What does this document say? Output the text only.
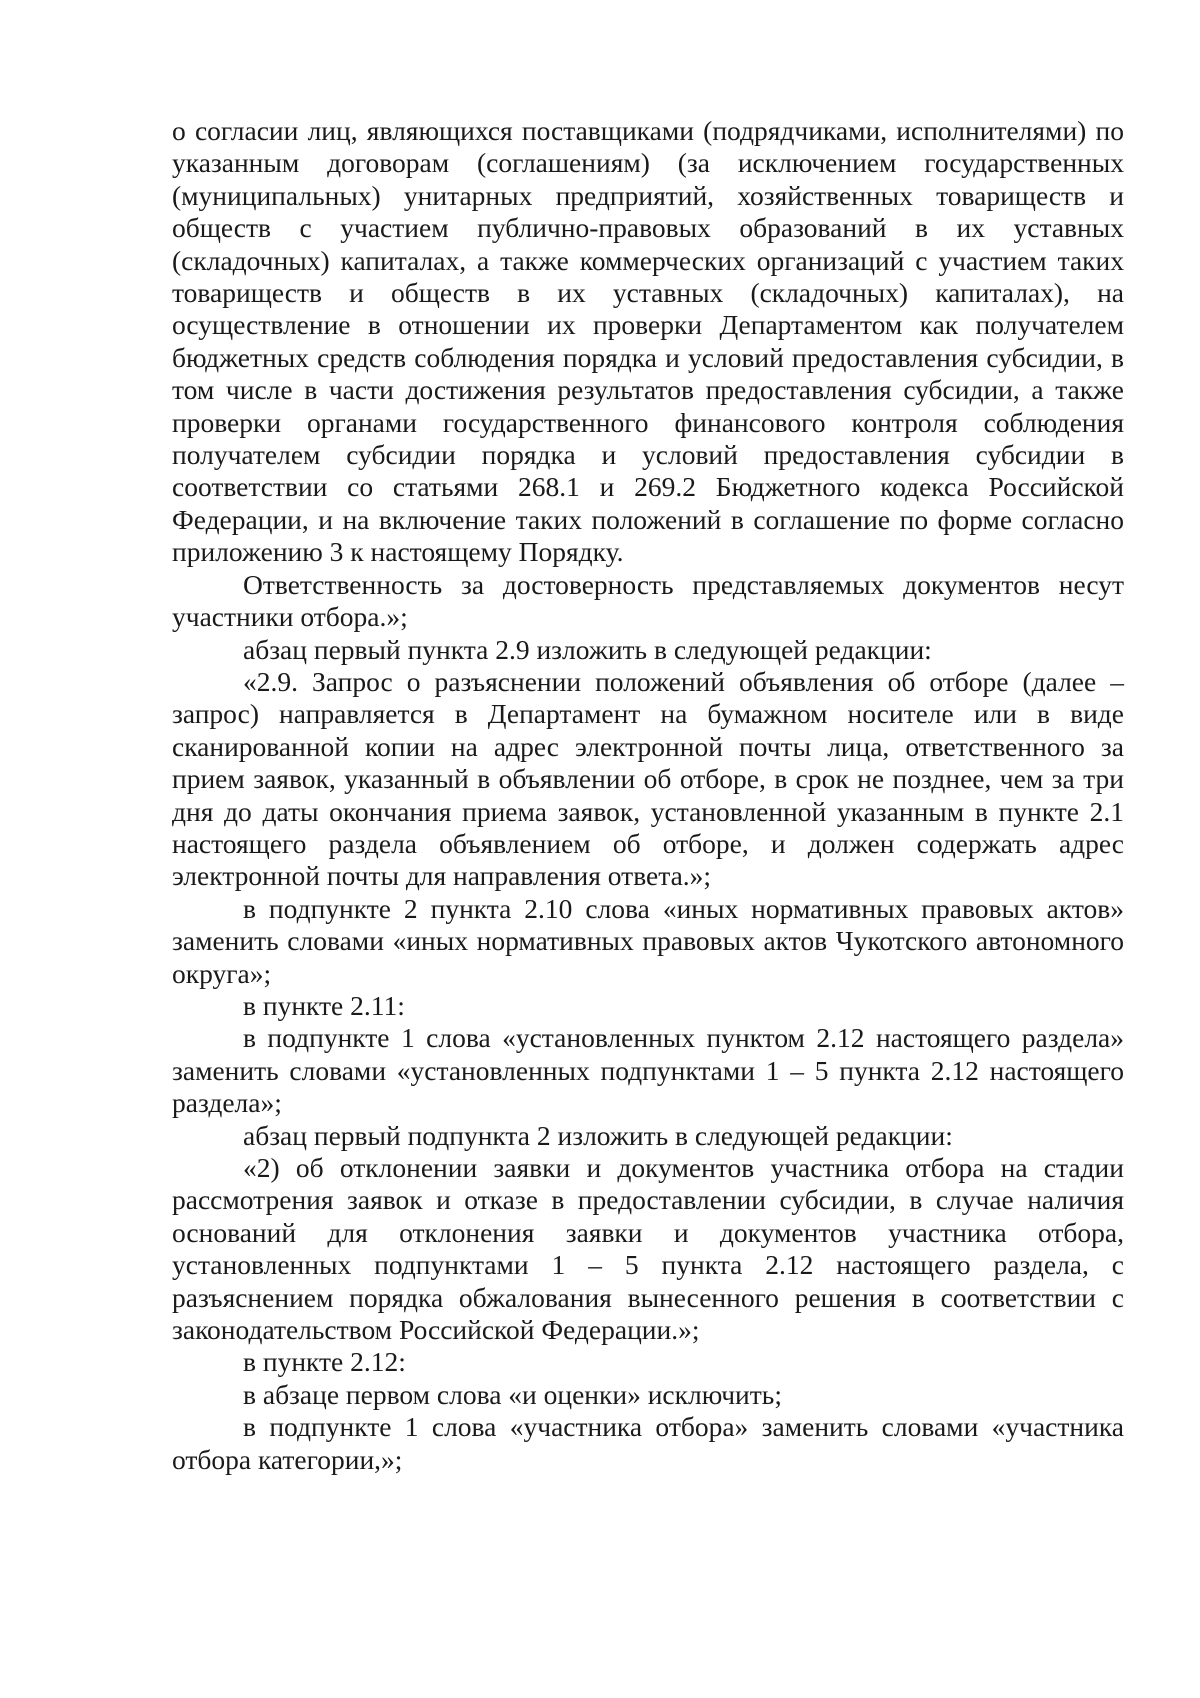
о согласии лиц, являющихся поставщиками (подрядчиками, исполнителями) по указанным договорам (соглашениям) (за исключением государственных (муниципальных) унитарных предприятий, хозяйственных товариществ и обществ с участием публично-правовых образований в их уставных (складочных) капиталах, а также коммерческих организаций с участием таких товариществ и обществ в их уставных (складочных) капиталах), на осуществление в отношении их проверки Департаментом как получателем бюджетных средств соблюдения порядка и условий предоставления субсидии, в том числе в части достижения результатов предоставления субсидии, а также проверки органами государственного финансового контроля соблюдения получателем субсидии порядка и условий предоставления субсидии в соответствии со статьями 268.1 и 269.2 Бюджетного кодекса Российской Федерации, и на включение таких положений в соглашение по форме согласно приложению 3 к настоящему Порядку.

Ответственность за достоверность представляемых документов несут участники отбора.»;

абзац первый пункта 2.9 изложить в следующей редакции:

«2.9. Запрос о разъяснении положений объявления об отборе (далее – запрос) направляется в Департамент на бумажном носителе или в виде сканированной копии на адрес электронной почты лица, ответственного за прием заявок, указанный в объявлении об отборе, в срок не позднее, чем за три дня до даты окончания приема заявок, установленной указанным в пункте 2.1 настоящего раздела объявлением об отборе, и должен содержать адрес электронной почты для направления ответа.»;

в подпункте 2 пункта 2.10 слова «иных нормативных правовых актов» заменить словами «иных нормативных правовых актов Чукотского автономного округа»;

в пункте 2.11:

в подпункте 1 слова «установленных пунктом 2.12 настоящего раздела» заменить словами «установленных подпунктами 1 – 5 пункта 2.12 настоящего раздела»;

абзац первый подпункта 2 изложить в следующей редакции:

«2) об отклонении заявки и документов участника отбора на стадии рассмотрения заявок и отказе в предоставлении субсидии, в случае наличия оснований для отклонения заявки и документов участника отбора, установленных подпунктами 1 – 5 пункта 2.12 настоящего раздела, с разъяснением порядка обжалования вынесенного решения в соответствии с законодательством Российской Федерации.»;

в пункте 2.12:

в абзаце первом слова «и оценки» исключить;

в подпункте 1 слова «участника отбора» заменить словами «участника отбора категории,»;
